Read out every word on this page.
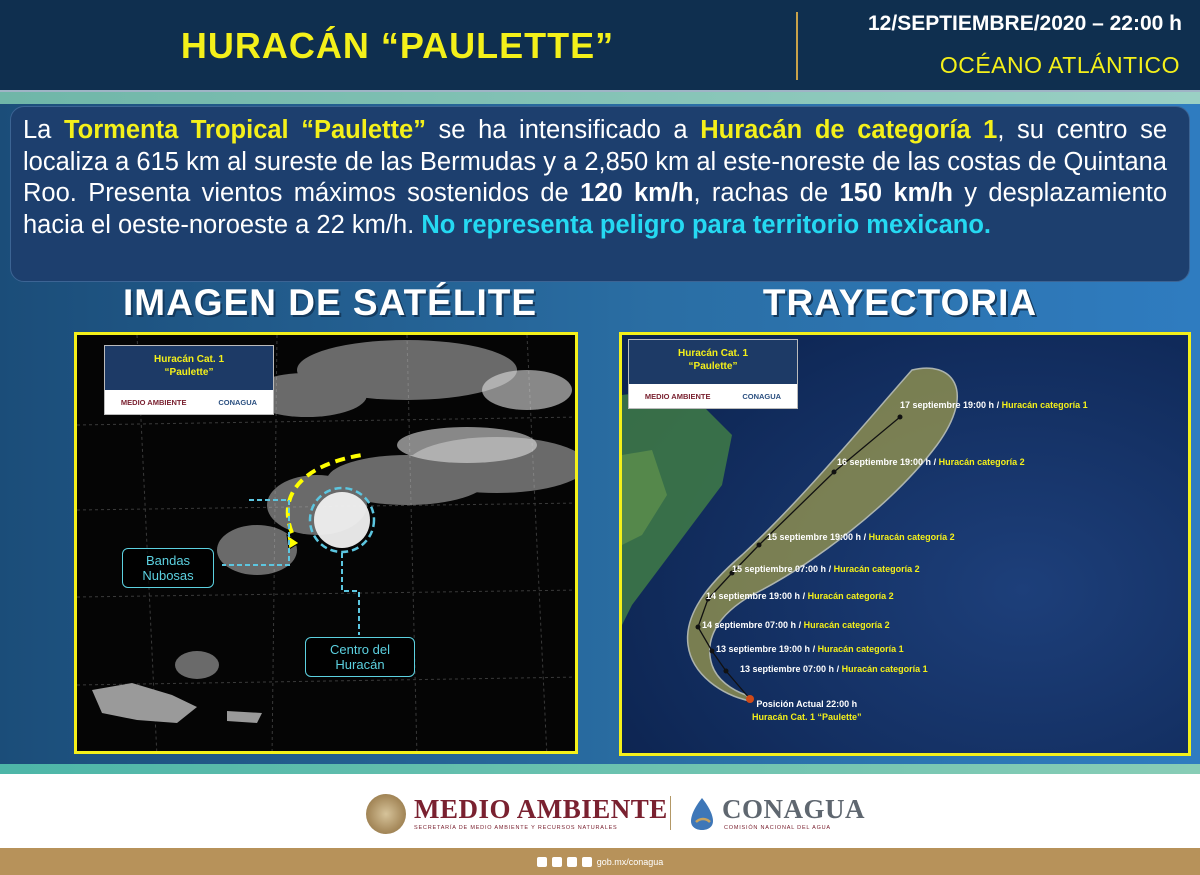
HURACÁN “PAULETTE”
12/SEPTIEMBRE/2020 – 22:00 h
OCÉANO ATLÁNTICO
La Tormenta Tropical “Paulette” se ha intensificado a Huracán de categoría 1, su centro se localiza a 615 km al sureste de las Bermudas y a 2,850 km al este-noreste de las costas de Quintana Roo. Presenta vientos máximos sostenidos de 120 km/h, rachas de 150 km/h y desplazamiento hacia el oeste-noroeste a 22 km/h. No representa peligro para territorio mexicano.
IMAGEN DE SATÉLITE	TRAYECTORIA
Huracán Cat. 1
“Paulette”
MEDIO AMBIENTE	CONAGUA
Bandas Nubosas
Centro del Huracán
Huracán Cat. 1
“Paulette”
MEDIO AMBIENTE	CONAGUA
17 septiembre 19:00 h / Huracán categoría 1
16 septiembre 19:00 h / Huracán categoría 2
15 septiembre 19:00 h / Huracán categoría 2
15 septiembre 07:00 h / Huracán categoría 2
14 septiembre 19:00 h / Huracán categoría 2
14 septiembre 07:00 h / Huracán categoría 2
13 septiembre 19:00 h / Huracán categoría 1
13 septiembre 07:00 h / Huracán categoría 1
Posición Actual 22:00 h
Huracán Cat. 1 “Paulette”
MEDIO AMBIENTE
SECRETARÍA DE MEDIO AMBIENTE Y RECURSOS NATURALES
CONAGUA
COMISIÓN NACIONAL DEL AGUA
gob.mx/conagua
